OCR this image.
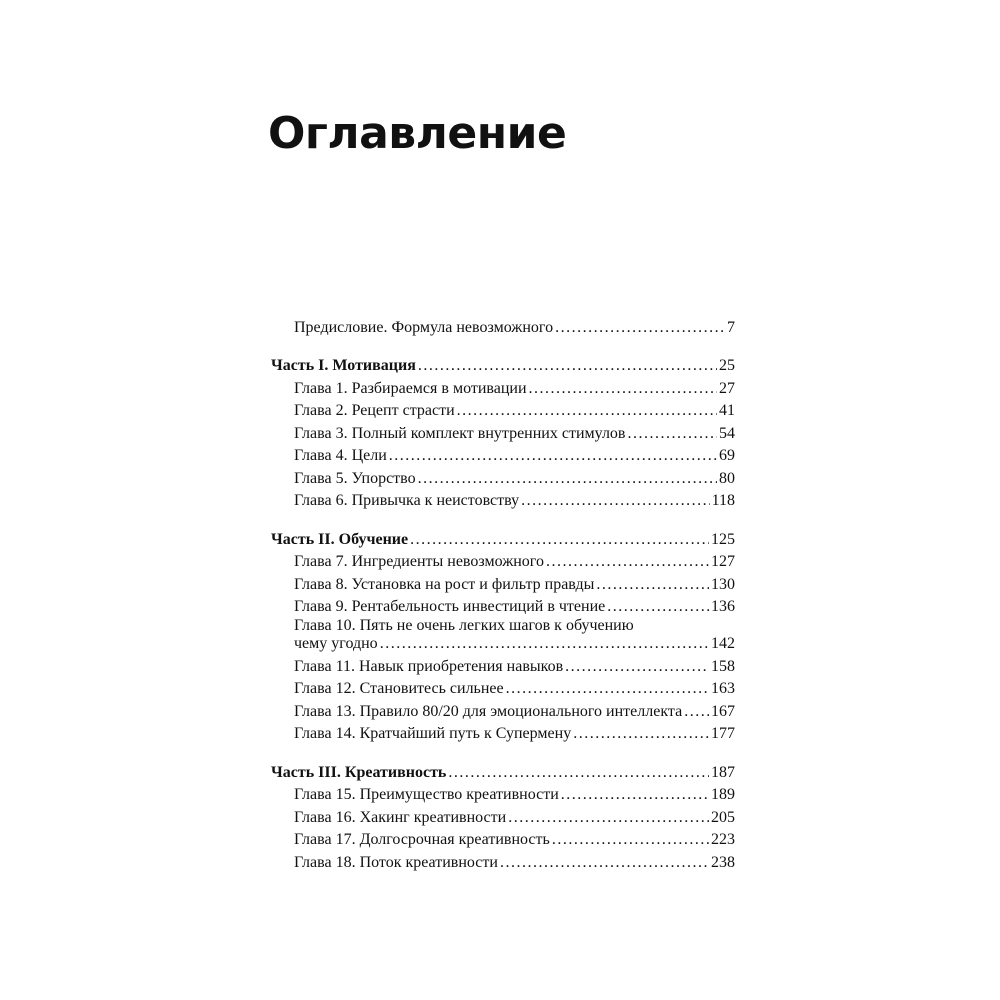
Оглавление
Предисловие. Формула невозможного .....	7
Часть I. Мотивация .....	25
Глава 1. Разбираемся в мотивации .....	27
Глава 2. Рецепт страсти .....	41
Глава 3. Полный комплект внутренних стимулов .....	54
Глава 4. Цели .....	69
Глава 5. Упорство .....	80
Глава 6. Привычка к неистовству .....	118
Часть II. Обучение .....	125
Глава 7. Ингредиенты невозможного .....	127
Глава 8. Установка на рост и фильтр правды .....	130
Глава 9. Рентабельность инвестиций в чтение .....	136
Глава 10. Пять не очень легких шагов к обучению
чему угодно .....	142
Глава 11. Навык приобретения навыков .....	158
Глава 12. Становитесь сильнее .....	163
Глава 13. Правило 80/20 для эмоционального интеллекта ..... 167
Глава 14. Кратчайший путь к Супермену .....	177
Часть III. Креативность .....	187
Глава 15. Преимущество креативности .....	189
Глава 16. Хакинг креативности .....	205
Глава 17. Долгосрочная креативность .....	223
Глава 18. Поток креативности .....	238
